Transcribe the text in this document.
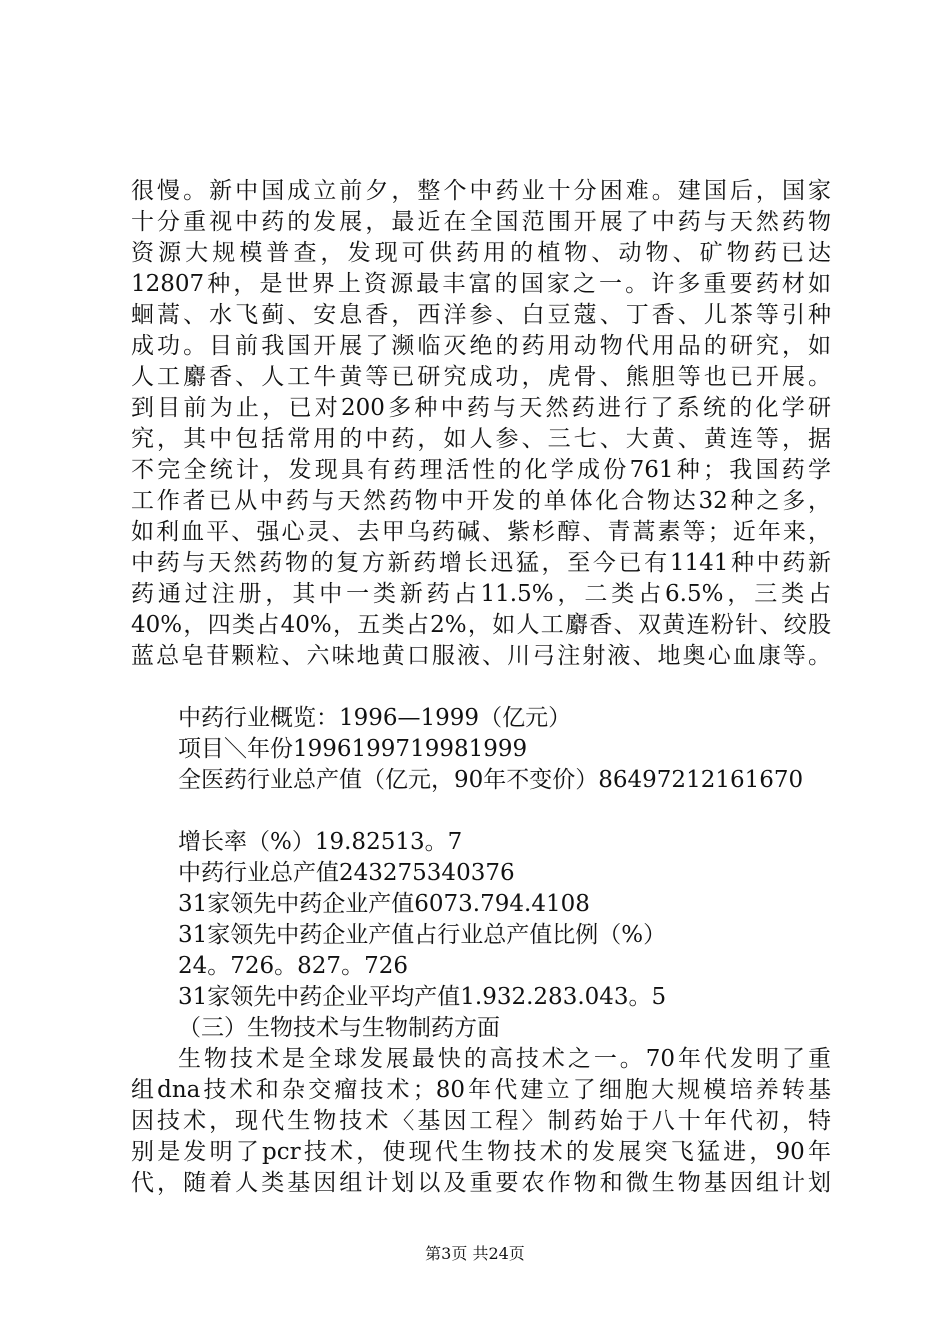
很慢。新中国成立前夕，整个中药业十分困难。建国后，国家
十分重视中药的发展，最近在全国范围开展了中药与天然药物
资源大规模普查，发现可供药用的植物、动物、矿物药已达
12807种，是世界上资源最丰富的国家之一。许多重要药材如
蛔蒿、水飞蓟、安息香，西洋参、白豆蔻、丁香、儿茶等引种
成功。目前我国开展了濒临灭绝的药用动物代用品的研究，如
人工麝香、人工牛黄等已研究成功，虎骨、熊胆等也已开展。
到目前为止，已对200多种中药与天然药进行了系统的化学研
究，其中包括常用的中药，如人参、三七、大黄、黄连等，据
不完全统计，发现具有药理活性的化学成份761种；我国药学
工作者已从中药与天然药物中开发的单体化合物达32种之多，
如利血平、强心灵、去甲乌药碱、紫杉醇、青蒿素等；近年来，
中药与天然药物的复方新药增长迅猛，至今已有1141种中药新
药通过注册，其中一类新药占11.5%，二类占6.5%，三类占
40%，四类占40%，五类占2%，如人工麝香、双黄连粉针、绞股
蓝总皂苷颗粒、六味地黄口服液、川弓注射液、地奥心血康等。
中药行业概览：1996—1999（亿元）
项目＼年份1996199719981999
全医药行业总产值（亿元，90年不变价）86497212161670
增长率（%）19.82513。7
中药行业总产值243275340376
31家领先中药企业产值6073.794.4108
31家领先中药企业产值占行业总产值比例（%）
24。726。827。726
31家领先中药企业平均产值1.932.283.043。5
（三）生物技术与生物制药方面
生物技术是全球发展最快的高技术之一。70年代发明了重
组dna技术和杂交瘤技术；80年代建立了细胞大规模培养转基
因技术，现代生物技术〈基因工程〉制药始于八十年代初，特
别是发明了pcr技术，使现代生物技术的发展突飞猛进，90年
代，随着人类基因组计划以及重要农作物和微生物基因组计划
第3页 共24页
